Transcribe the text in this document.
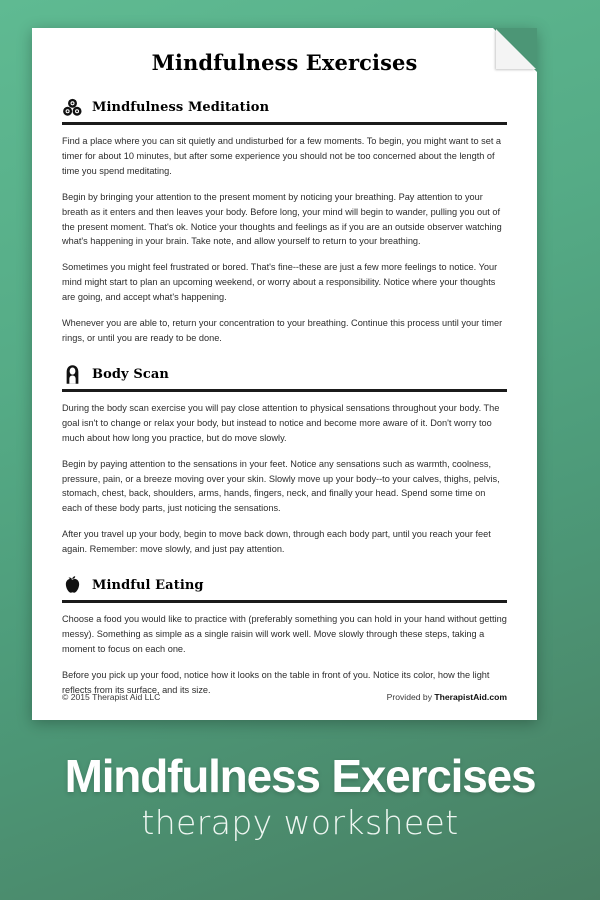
Mindfulness Exercises
Mindfulness Meditation

Find a place where you can sit quietly and undisturbed for a few moments. To begin, you might want to set a timer for about 10 minutes, but after some experience you should not be too concerned about the length of time you spend meditating.

Begin by bringing your attention to the present moment by noticing your breathing. Pay attention to your breath as it enters and then leaves your body. Before long, your mind will begin to wander, pulling you out of the present moment. That's ok. Notice your thoughts and feelings as if you are an outside observer watching what's happening in your brain. Take note, and allow yourself to return to your breathing.

Sometimes you might feel frustrated or bored. That's fine--these are just a few more feelings to notice. Your mind might start to plan an upcoming weekend, or worry about a responsibility. Notice where your thoughts are going, and accept what's happening.

Whenever you are able to, return your concentration to your breathing. Continue this process until your timer rings, or until you are ready to be done.

Body Scan

During the body scan exercise you will pay close attention to physical sensations throughout your body. The goal isn't to change or relax your body, but instead to notice and become more aware of it. Don't worry too much about how long you practice, but do move slowly.

Begin by paying attention to the sensations in your feet. Notice any sensations such as warmth, coolness, pressure, pain, or a breeze moving over your skin. Slowly move up your body--to your calves, thighs, pelvis, stomach, chest, back, shoulders, arms, hands, fingers, neck, and finally your head. Spend some time on each of these body parts, just noticing the sensations.

After you travel up your body, begin to move back down, through each body part, until you reach your feet again. Remember: move slowly, and just pay attention.

Mindful Eating

Choose a food you would like to practice with (preferably something you can hold in your hand without getting messy). Something as simple as a single raisin will work well. Move slowly through these steps, taking a moment to focus on each one.

Before you pick up your food, notice how it looks on the table in front of you. Notice its color, how the light reflects from its surface, and its size.

© 2015 Therapist Aid LLC	Provided by TherapistAid.com
Mindfulness Exercises
therapy worksheet
